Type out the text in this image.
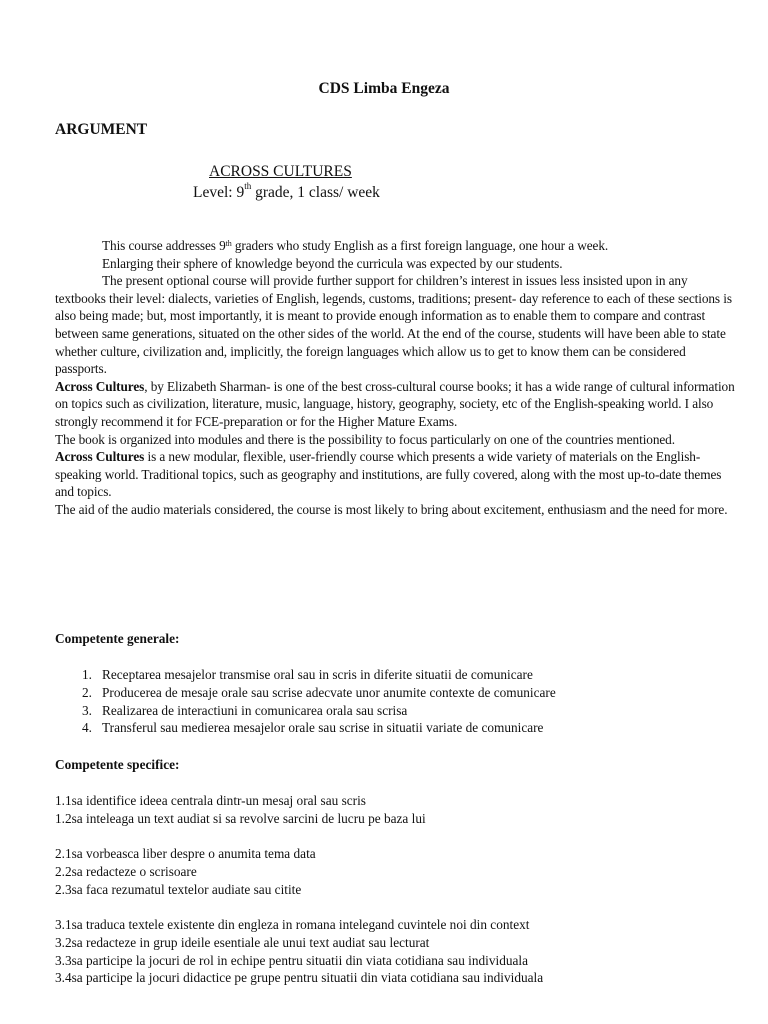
CDS Limba Engeza
ARGUMENT
ACROSS CULTURES
Level: 9th grade, 1 class/ week

This course addresses 9th graders who study English as a first foreign language, one hour a week.

Enlarging their sphere of knowledge beyond the curricula was expected by our students.

The present optional course will provide further support for children’s interest in issues less insisted upon in any textbooks their level: dialects, varieties of English, legends, customs, traditions; present- day reference to each of these sections is also being made; but, most importantly, it is meant to provide enough information as to enable them to compare and contrast between same generations, situated on the other sides of the world. At the end of the course, students will have been able to state whether culture, civilization and, implicitly, the foreign languages which allow us to get to know them can be considered passports.

Across Cultures, by Elizabeth Sharman- is one of the best cross-cultural course books; it has a wide range of cultural information on topics such as civilization, literature, music, language, history, geography, society, etc of the English-speaking world. I also strongly recommend it for FCE-preparation or for the Higher Mature Exams.

The book is organized into modules and there is the possibility to focus particularly on one of the countries mentioned.

Across Cultures is a new modular, flexible, user-friendly course which presents a wide variety of materials on the English-speaking world. Traditional topics, such as geography and institutions, are fully covered, along with the most up-to-date themes and topics.

The aid of the audio materials considered, the course is most likely to bring about excitement, enthusiasm and the need for more.

Competente generale:
1. Receptarea mesajelor transmise oral sau in scris in diferite situatii de comunicare
2. Producerea de mesaje orale sau scrise adecvate unor anumite contexte de comunicare
3. Realizarea de interactiuni in comunicarea orala sau scrisa
4. Transferul sau medierea mesajelor orale sau scrise in situatii variate de comunicare
Competente specifice:
1.1sa identifice ideea centrala dintr-un mesaj oral sau scris
1.2sa inteleaga un text audiat si sa revolve sarcini de lucru pe baza lui
2.1sa vorbeasca liber despre o anumita tema data
2.2sa redacteze o scrisoare
2.3sa faca rezumatul textelor audiate sau citite
3.1sa traduca textele existente din engleza in romana intelegand cuvintele noi din context
3.2sa redacteze in grup ideile esentiale ale unui text audiat sau lecturat
3.3sa participe la jocuri de rol in echipe pentru situatii din viata cotidiana sau individuala
3.4sa participe la jocuri didactice pe grupe pentru situatii din viata cotidiana sau individuala
